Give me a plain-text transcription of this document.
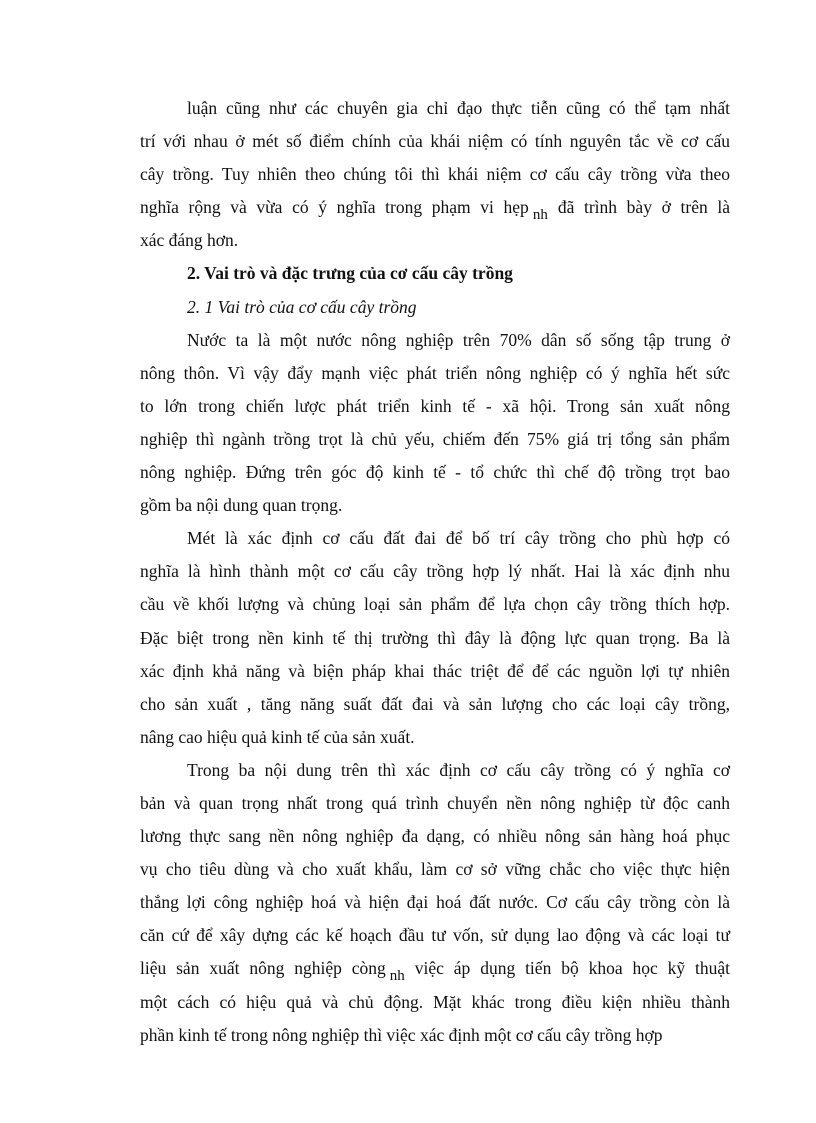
luận cũng như các chuyên gia chỉ đạo thực tiễn cũng có thể tạm nhất
trí với nhau ở mét số điểm chính của khái niệm có tính nguyên tắc về cơ cấu
cây trồng. Tuy nhiên theo chúng tôi thì khái niệm cơ cấu cây trồng vừa theo
nghĩa rộng và vừa có ý nghĩa trong phạm vi hẹp nh đã trình bày ở trên là
xác đáng hơn.
2. Vai trò và đặc trưng của cơ cấu cây trồng
2. 1 Vai trò của cơ cấu cây trồng
Nước ta là một nước nông nghiệp trên 70% dân số sống tập trung ở
nông thôn. Vì vậy đẩy mạnh việc phát triển nông nghiệp có ý nghĩa hết sức
to lớn trong chiến lược phát triển kinh tế - xã hội. Trong sản xuất nông
nghiệp thì ngành trồng trọt là chủ yếu, chiếm đến 75% giá trị tổng sản phẩm
nông nghiệp. Đứng trên góc độ kinh tế - tổ chức thì chế độ trồng trọt bao
gồm ba nội dung quan trọng.
Mét là xác định cơ cấu đất đai để bố trí cây trồng cho phù hợp có
nghĩa là hình thành một cơ cấu cây trồng hợp lý nhất. Hai là xác định nhu
cầu về khối lượng và chủng loại sản phẩm để lựa chọn cây trồng thích hợp.
Đặc biệt trong nền kinh tế thị trường thì đây là động lực quan trọng. Ba là
xác định khả năng và biện pháp khai thác triệt để để các nguồn lợi tự nhiên
cho sản xuất , tăng năng suất đất đai và sản lượng cho các loại cây trồng,
nâng cao hiệu quả kinh tế của sản xuất.
Trong ba nội dung trên thì xác định cơ cấu cây trồng có ý nghĩa cơ
bản và quan trọng nhất trong quá trình chuyển nền nông nghiệp từ độc canh
lương thực sang nền nông nghiệp đa dạng, có nhiều nông sản hàng hoá phục
vụ cho tiêu dùng và cho xuất khẩu, làm cơ sở vững chắc cho việc thực hiện
thắng lợi công nghiệp hoá và hiện đại hoá đất nước. Cơ cấu cây trồng còn là
căn cứ để xây dựng các kế hoạch đầu tư vốn, sử dụng lao động và các loại tư
liệu sản xuất nông nghiệp còng nh việc áp dụng tiến bộ khoa học kỹ thuật
một cách có hiệu quả và chủ động. Mặt khác trong điều kiện nhiều thành
phần kinh tế trong nông nghiệp thì việc xác định một cơ cấu cây trồng hợp
